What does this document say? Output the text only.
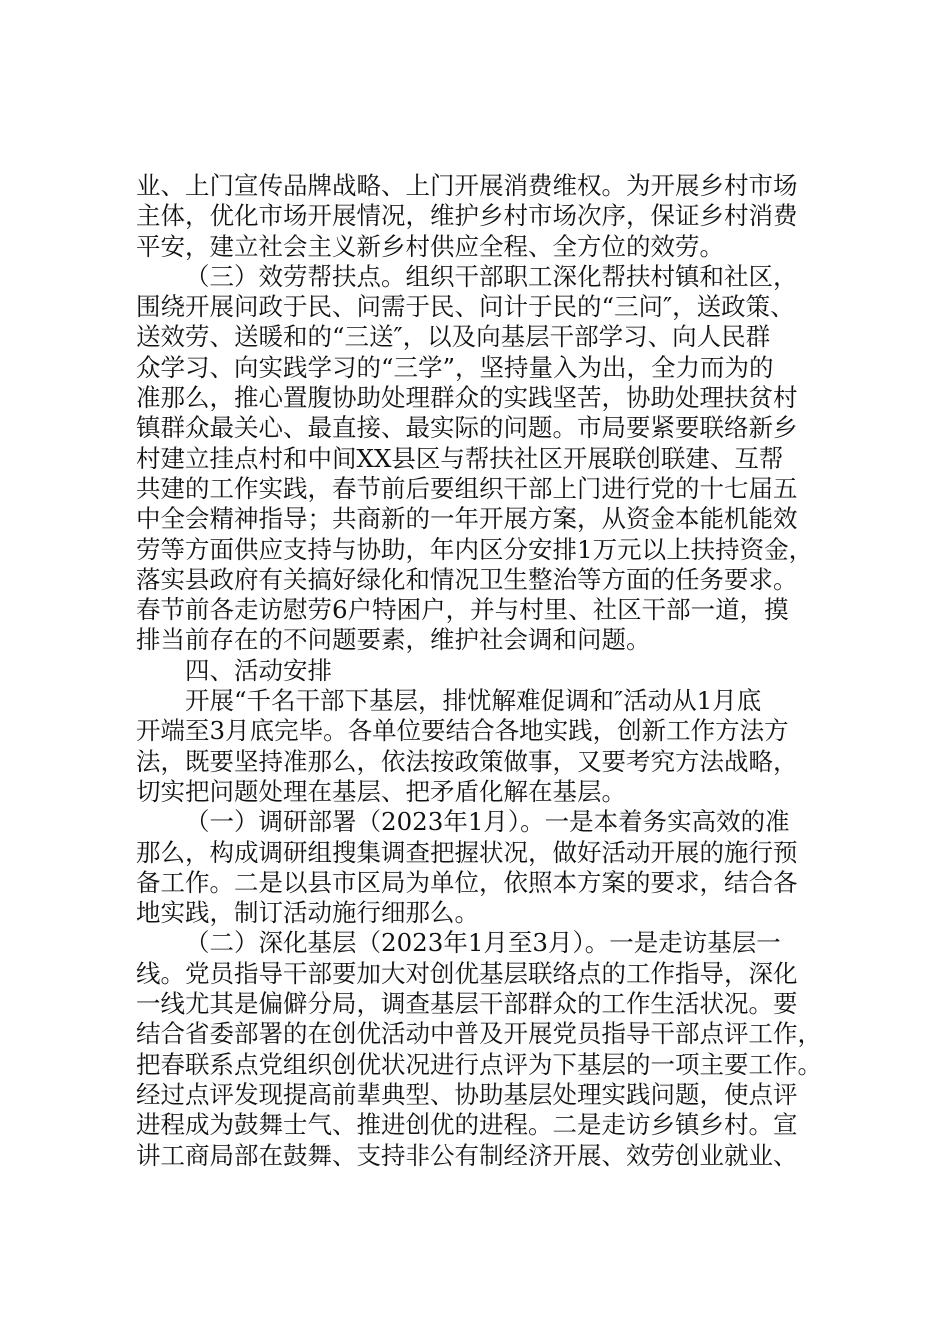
业、上门宣传品牌战略、上门开展消费维权。为开展乡村市场
主体，优化市场开展情况，维护乡村市场次序，保证乡村消费
平安，建立社会主义新乡村供应全程、全方位的效劳。
（三）效劳帮扶点。组织干部职工深化帮扶村镇和社区，
围绕开展问政于民、问需于民、问计于民的“三问″，送政策、
送效劳、送暖和的“三送″，以及向基层干部学习、向人民群
众学习、向实践学习的“三学”，坚持量入为出，全力而为的
准那么，推心置腹协助处理群众的实践坚苦，协助处理扶贫村
镇群众最关心、最直接、最实际的问题。市局要紧要联络新乡
村建立挂点村和中间XX县区与帮扶社区开展联创联建、互帮
共建的工作实践，春节前后要组织干部上门进行党的十七届五
中全会精神指导；共商新的一年开展方案，从资金本能机能效
劳等方面供应支持与协助，年内区分安排1万元以上扶持资金，
落实县政府有关搞好绿化和情况卫生整治等方面的任务要求。
春节前各走访慰劳6户特困户，并与村里、社区干部一道，摸
排当前存在的不问题要素，维护社会调和问题。
四、活动安排
开展“千名干部下基层，排忧解难促调和″活动从1月底
开端至3月底完毕。各单位要结合各地实践，创新工作方法方
法，既要坚持准那么，依法按政策做事，又要考究方法战略，
切实把问题处理在基层、把矛盾化解在基层。
（一）调研部署（2023年1月）。一是本着务实高效的准
那么，构成调研组搜集调查把握状况，做好活动开展的施行预
备工作。二是以县市区局为单位，依照本方案的要求，结合各
地实践，制订活动施行细那么。
（二）深化基层（2023年1月至3月）。一是走访基层一
线。党员指导干部要加大对创优基层联络点的工作指导，深化
一线尤其是偏僻分局，调查基层干部群众的工作生活状况。要
结合省委部署的在创优活动中普及开展党员指导干部点评工作，
把春联系点党组织创优状况进行点评为下基层的一项主要工作。
经过点评发现提高前辈典型、协助基层处理实践问题，使点评
进程成为鼓舞士气、推进创优的进程。二是走访乡镇乡村。宣
讲工商局部在鼓舞、支持非公有制经济开展、效劳创业就业、
